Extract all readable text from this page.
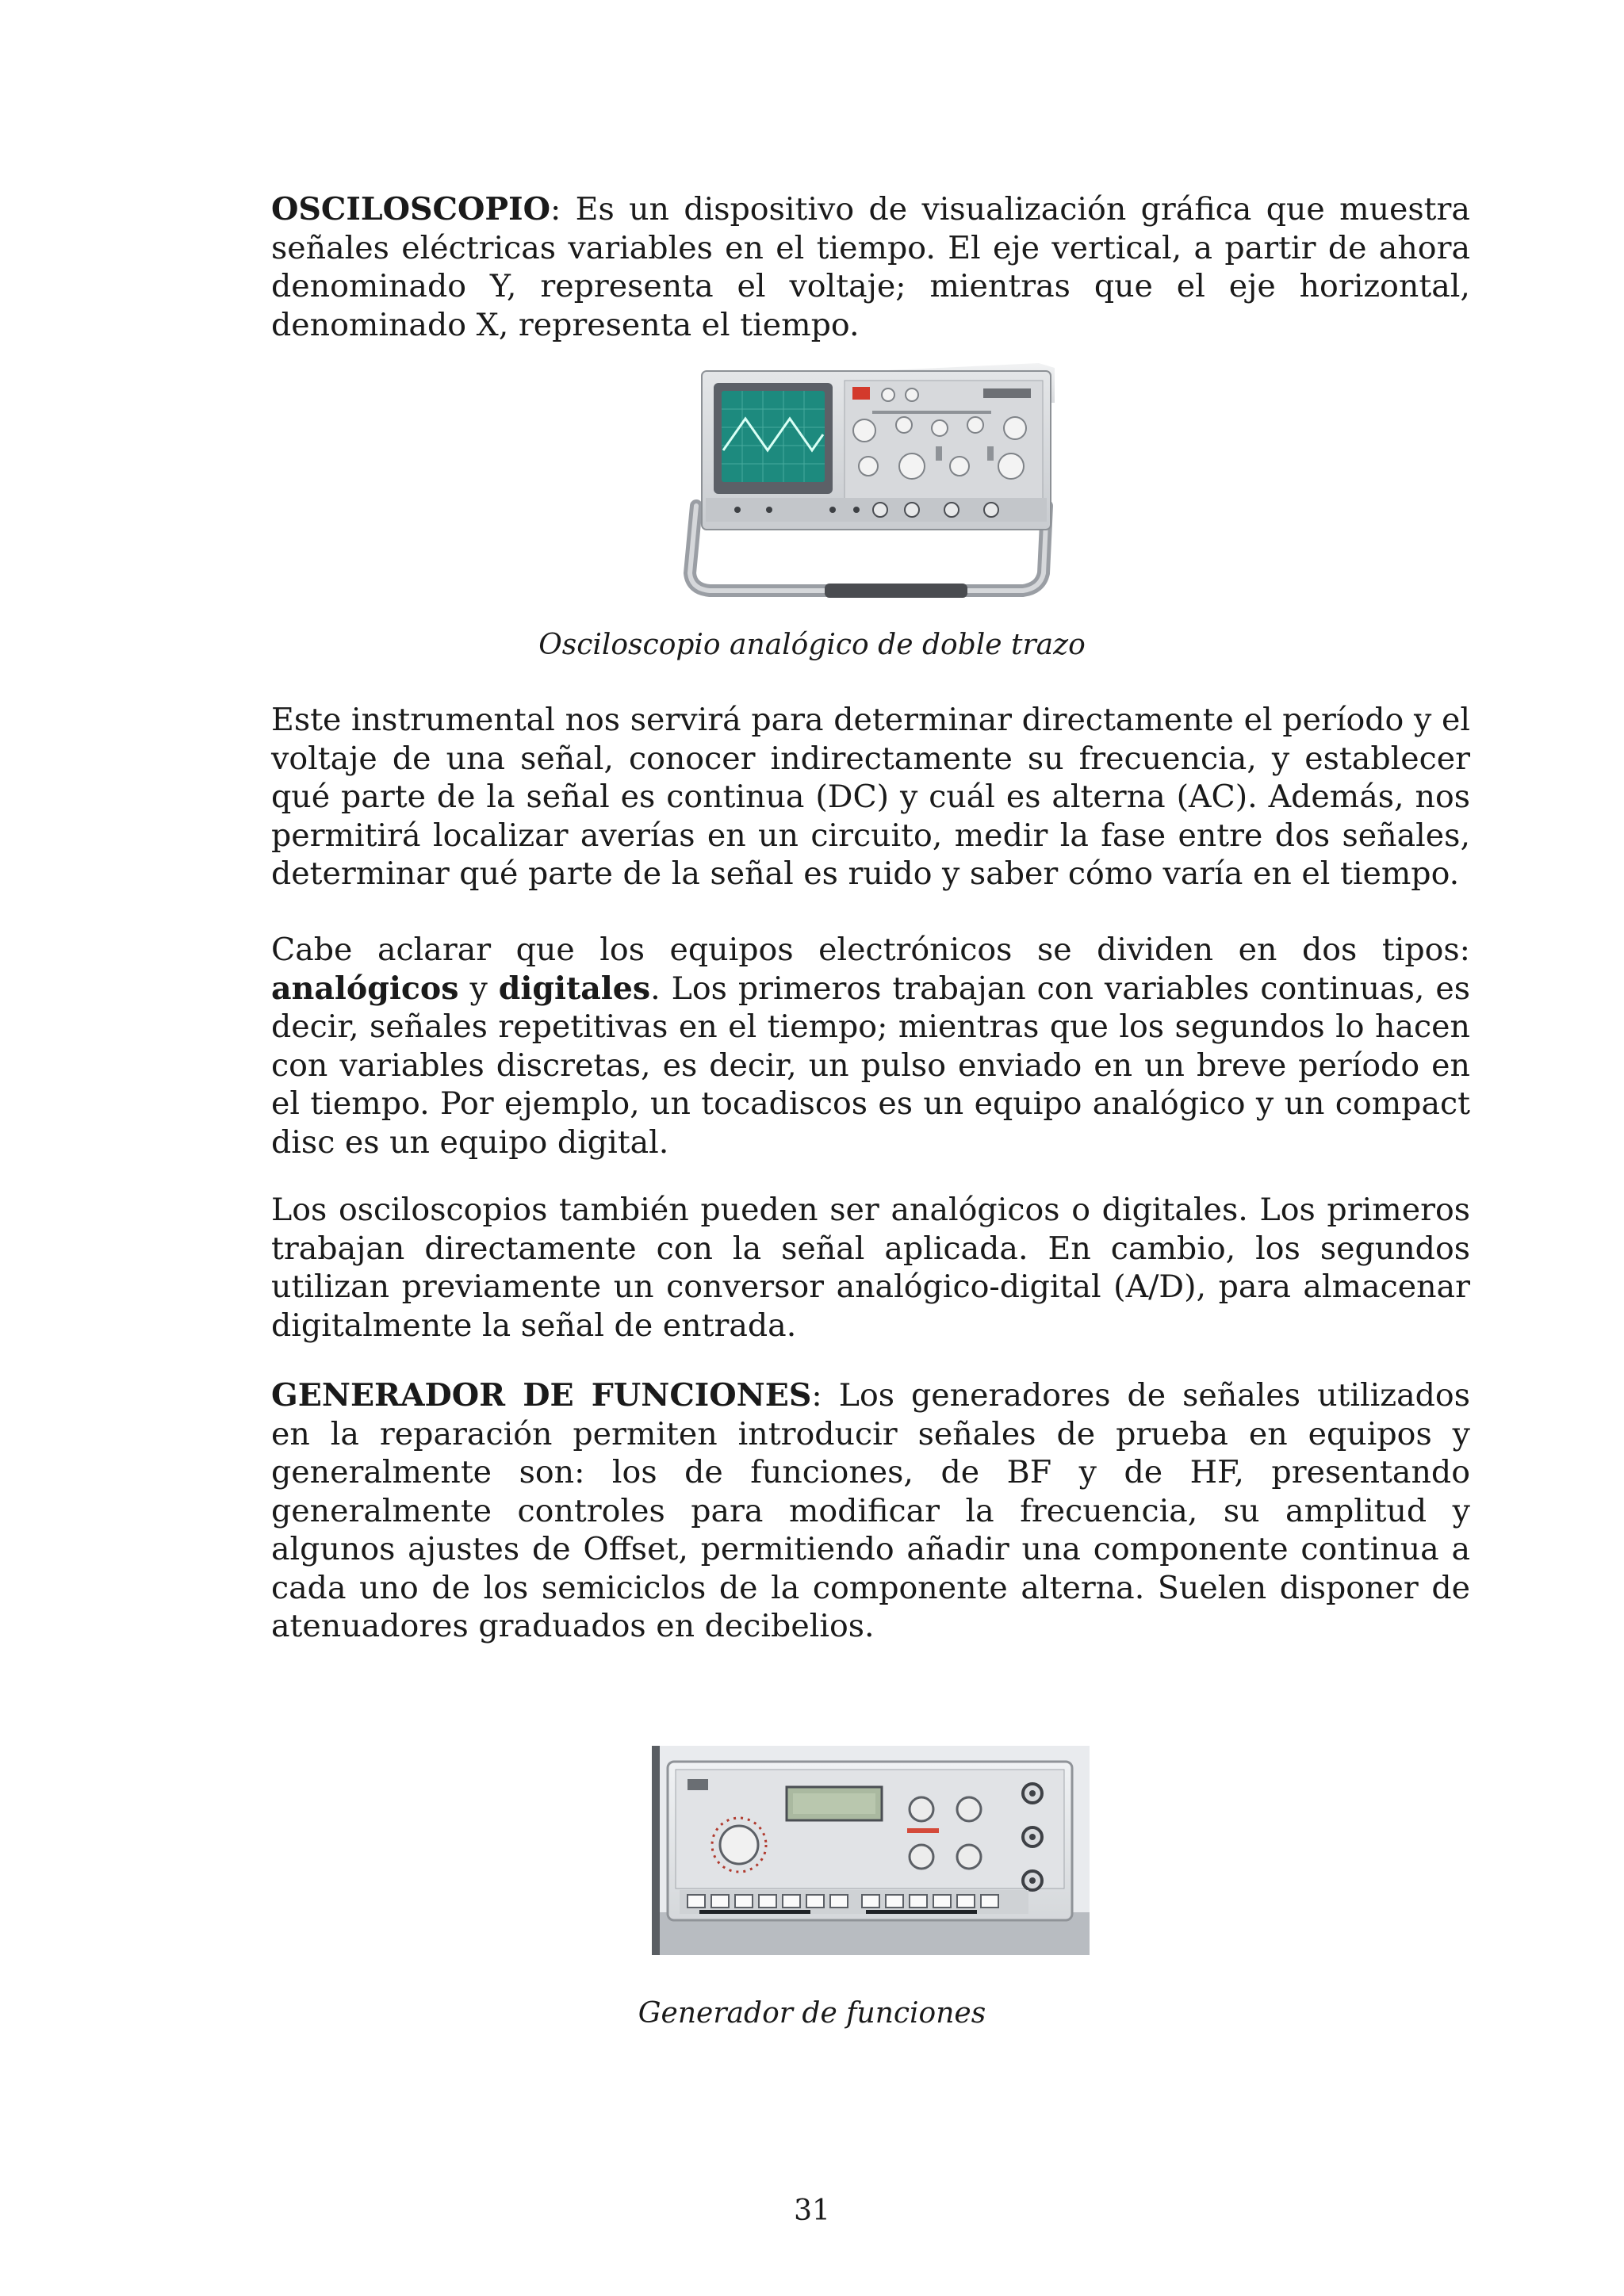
OSCILOSCOPIO: Es un dispositivo de visualización gráfica que muestra señales eléctricas variables en el tiempo. El eje vertical, a partir de ahora denominado Y, representa el voltaje; mientras que el eje horizontal, denominado X, representa el tiempo.

Osciloscopio analógico de doble trazo

Este instrumental nos servirá para determinar directamente el período y el voltaje de una señal, conocer indirectamente su frecuencia, y establecer qué parte de la señal es continua (DC) y cuál es alterna (AC). Además, nos permitirá localizar averías en un circuito, medir la fase entre dos señales, determinar qué parte de la señal es ruido y saber cómo varía en el tiempo.

Cabe aclarar que los equipos electrónicos se dividen en dos tipos: analógicos y digitales. Los primeros trabajan con variables continuas, es decir, señales repetitivas en el tiempo; mientras que los segundos lo hacen con variables discretas, es decir, un pulso enviado en un breve período en el tiempo. Por ejemplo, un tocadiscos es un equipo analógico y un compact disc es un equipo digital.

Los osciloscopios también pueden ser analógicos o digitales. Los primeros trabajan directamente con la señal aplicada. En cambio, los segundos utilizan previamente un conversor analógico-digital (A/D), para almacenar digitalmente la señal de entrada.

GENERADOR DE FUNCIONES: Los generadores de señales utilizados en la reparación permiten introducir señales de prueba en equipos y generalmente son: los de funciones, de BF y de HF, presentando generalmente controles para modificar la frecuencia, su amplitud y algunos ajustes de Offset, permitiendo añadir una componente continua a cada uno de los semiciclos de la componente alterna. Suelen disponer de atenuadores graduados en decibelios.

Generador de funciones

31
